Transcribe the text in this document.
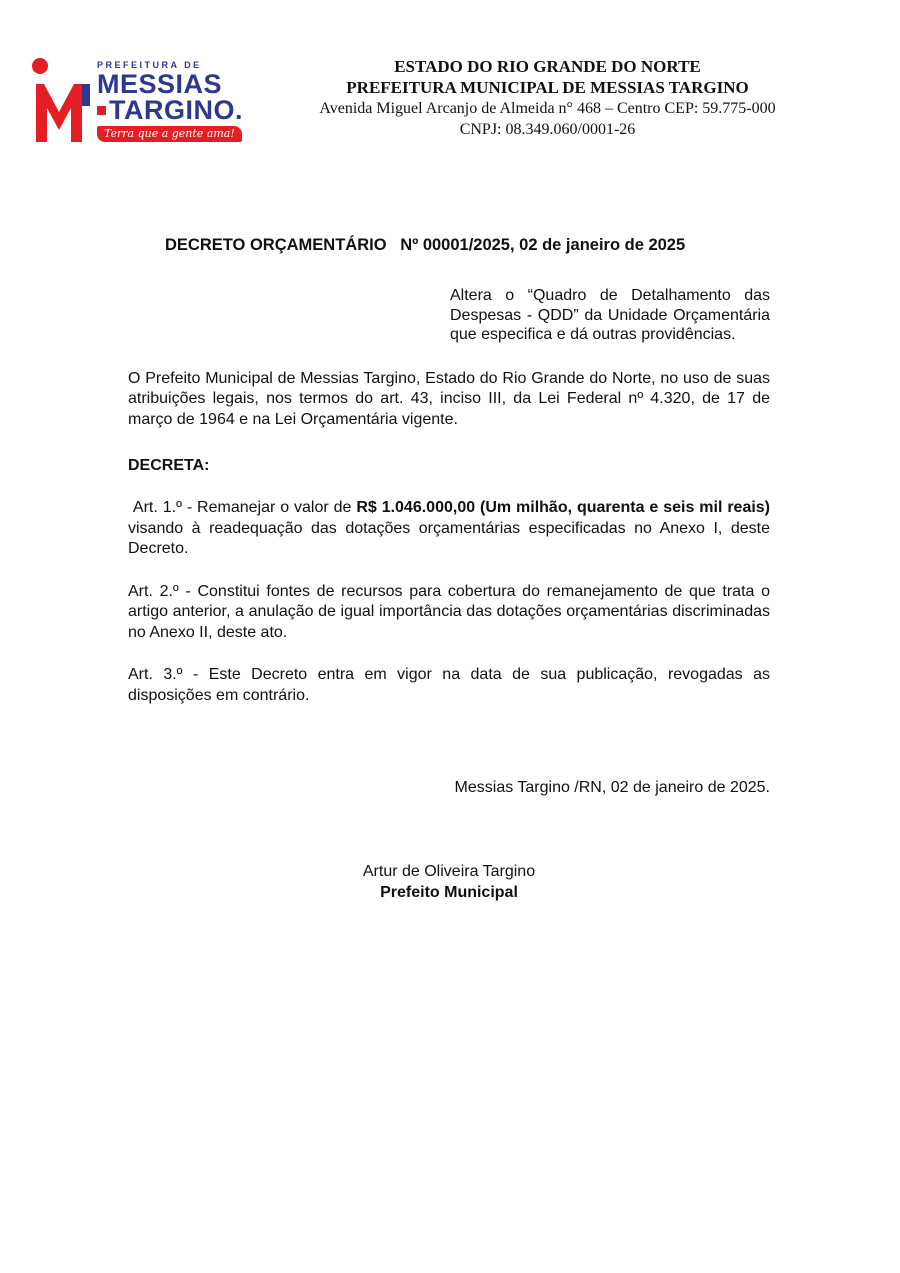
PREFEITURA DE
MESSIAS
TARGINO.
Terra que a gente ama!
ESTADO DO RIO GRANDE DO NORTE
PREFEITURA MUNICIPAL DE MESSIAS TARGINO
Avenida Miguel Arcanjo de Almeida n° 468 – Centro CEP: 59.775-000
CNPJ: 08.349.060/0001-26
DECRETO ORÇAMENTÁRIO   Nº 00001/2025, 02 de janeiro de 2025
Altera o “Quadro de Detalhamento das Despesas - QDD” da Unidade Orçamentária que especifica e dá outras providências.

O Prefeito Municipal de Messias Targino, Estado do Rio Grande do Norte, no uso de suas atribuições legais, nos termos do art. 43, inciso III, da Lei Federal nº 4.320, de 17 de março de 1964 e na Lei Orçamentária vigente.

DECRETA:

Art. 1.º - Remanejar o valor de R$ 1.046.000,00 (Um milhão, quarenta e seis mil reais) visando à readequação das dotações orçamentárias especificadas no Anexo I, deste Decreto.

Art. 2.º - Constitui fontes de recursos para cobertura do remanejamento de que trata o artigo anterior, a anulação de igual importância das dotações orçamentárias discriminadas no Anexo II, deste ato.

Art. 3.º - Este Decreto entra em vigor na data de sua publicação, revogadas as disposições em contrário.

Messias Targino /RN, 02 de janeiro de 2025.
Artur de Oliveira Targino
Prefeito Municipal
